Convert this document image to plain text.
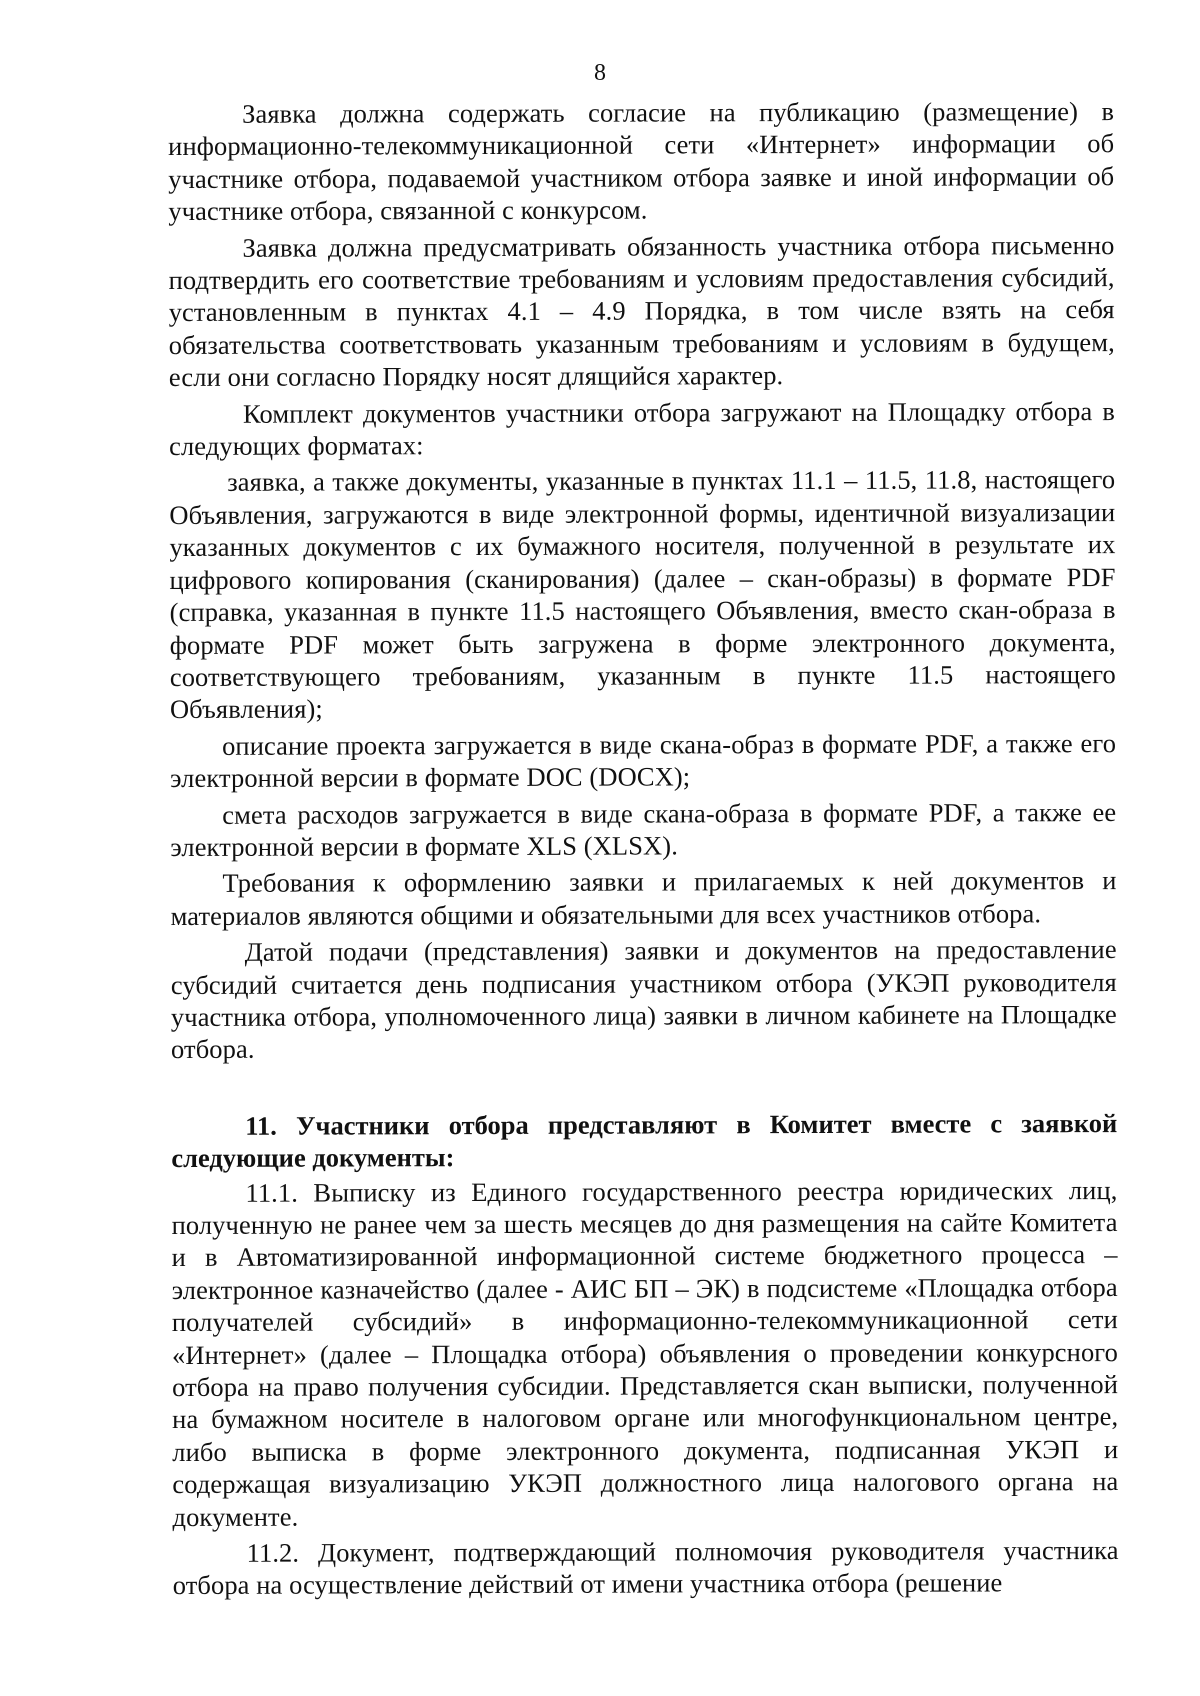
8

Заявка должна содержать согласие на публикацию (размещение) в информационно-телекоммуникационной сети «Интернет» информации об участнике отбора, подаваемой участником отбора заявке и иной информации об участнике отбора, связанной с конкурсом.

Заявка должна предусматривать обязанность участника отбора письменно подтвердить его соответствие требованиям и условиям предоставления субсидий, установленным в пунктах 4.1 – 4.9 Порядка, в том числе взять на себя обязательства соответствовать указанным требованиям и условиям в будущем, если они согласно Порядку носят длящийся характер.

Комплект документов участники отбора загружают на Площадку отбора в следующих форматах:

заявка, а также документы, указанные в пунктах 11.1 – 11.5, 11.8, настоящего Объявления, загружаются в виде электронной формы, идентичной визуализации указанных документов с их бумажного носителя, полученной в результате их цифрового копирования (сканирования) (далее – скан-образы) в формате PDF (справка, указанная в пункте 11.5 настоящего Объявления, вместо скан-образа в формате PDF может быть загружена в форме электронного документа, соответствующего требованиям, указанным в пункте 11.5 настоящего Объявления);

описание проекта загружается в виде скана-образ в формате PDF, а также его электронной версии в формате DOC (DOCX);

смета расходов загружается в виде скана-образа в формате PDF, а также ее электронной версии в формате XLS (XLSX).

Требования к оформлению заявки и прилагаемых к ней документов и материалов являются общими и обязательными для всех участников отбора.

Датой подачи (представления) заявки и документов на предоставление субсидий считается день подписания участником отбора (УКЭП руководителя участника отбора, уполномоченного лица) заявки в личном кабинете на Площадке отбора.

11. Участники отбора представляют в Комитет вместе с заявкой следующие документы:

11.1. Выписку из Единого государственного реестра юридических лиц, полученную не ранее чем за шесть месяцев до дня размещения на сайте Комитета и в Автоматизированной информационной системе бюджетного процесса – электронное казначейство (далее - АИС БП – ЭК) в подсистеме «Площадка отбора получателей субсидий» в информационно-телекоммуникационной сети «Интернет» (далее – Площадка отбора) объявления о проведении конкурсного отбора на право получения субсидии. Представляется скан выписки, полученной на бумажном носителе в налоговом органе или многофункциональном центре, либо выписка в форме электронного документа, подписанная УКЭП и содержащая визуализацию УКЭП должностного лица налогового органа на документе.

11.2. Документ, подтверждающий полномочия руководителя участника отбора на осуществление действий от имени участника отбора (решение
